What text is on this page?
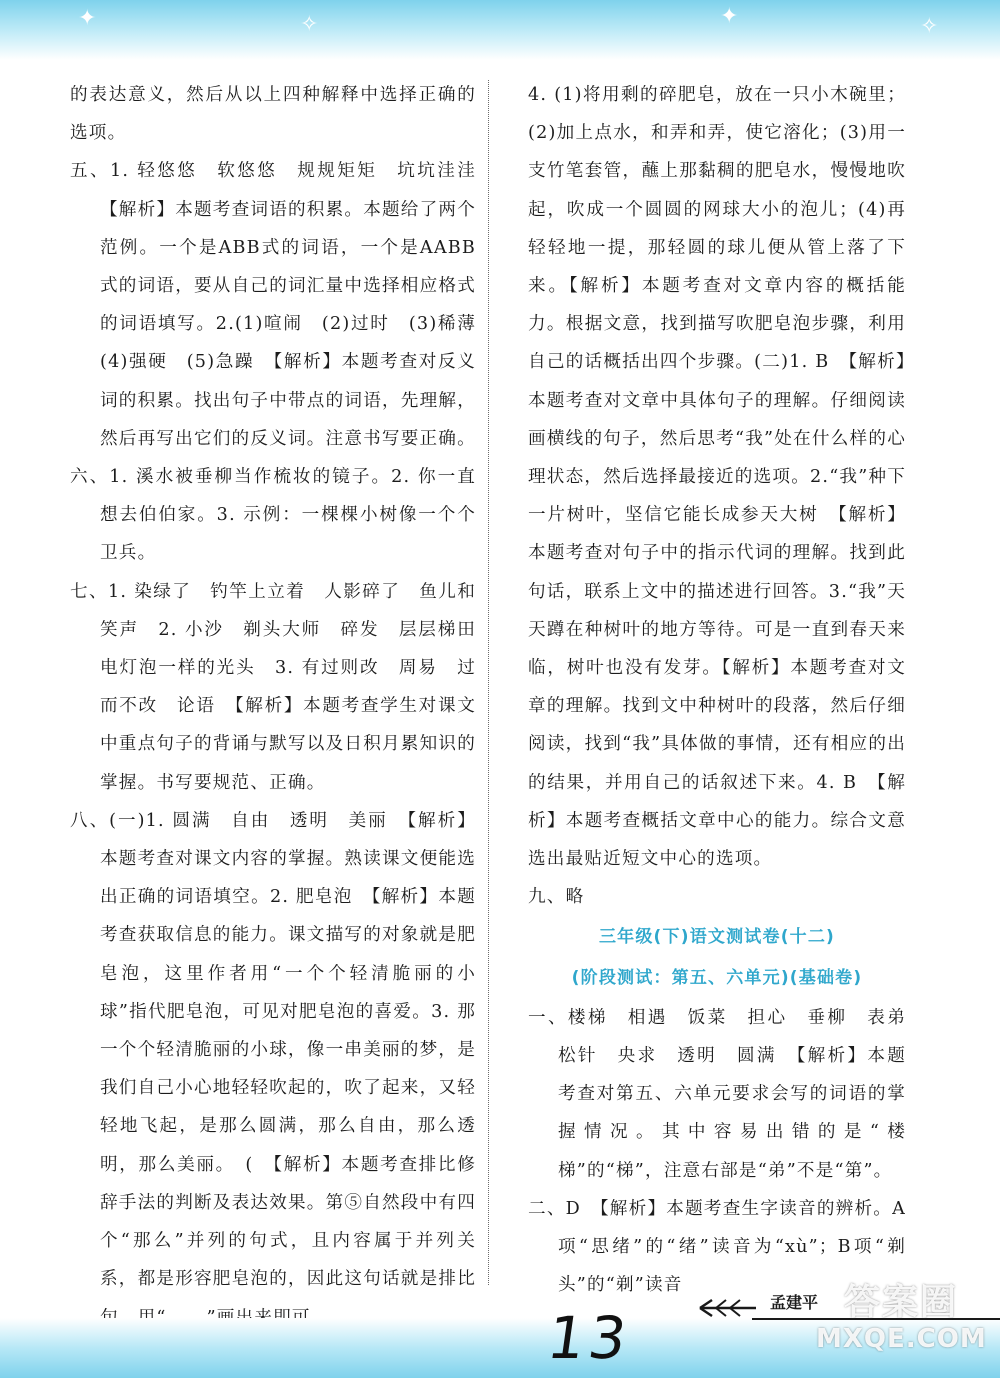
✦	✧	✦	✧

的表达意义，然后从以上四种解释中选择正确的选项。

五、1. 轻悠悠　软悠悠　规规矩矩　坑坑洼洼　【解析】本题考查词语的积累。本题给了两个范例。一个是ABB式的词语，一个是AABB式的词语，要从自己的词汇量中选择相应格式的词语填写。2.(1)喧闹　(2)过时　(3)稀薄　(4)强硬　(5)急躁　【解析】本题考查对反义词的积累。找出句子中带点的词语，先理解，然后再写出它们的反义词。注意书写要正确。

六、1. 溪水被垂柳当作梳妆的镜子。2. 你一直想去伯伯家。3. 示例：一棵棵小树像一个个卫兵。

七、1. 染绿了　钓竿上立着　人影碎了　鱼儿和笑声　2. 小沙　剃头大师　碎发　层层梯田　电灯泡一样的光头　3. 有过则改　周易　过而不改　论语　【解析】本题考查学生对课文中重点句子的背诵与默写以及日积月累知识的掌握。书写要规范、正确。

八、(一)1. 圆满　自由　透明　美丽　【解析】本题考查对课文内容的掌握。熟读课文便能选出正确的词语填空。2. 肥皂泡　【解析】本题考查获取信息的能力。课文描写的对象就是肥皂泡，这里作者用“一个个轻清脆丽的小球”指代肥皂泡，可见对肥皂泡的喜爱。3. 那一个个轻清脆丽的小球，像一串美丽的梦，是我们自己小心地轻轻吹起的，吹了起来，又轻轻地飞起，是那么圆满，那么自由，那么透明，那么美丽。　(　【解析】本题考查排比修辞手法的判断及表达效果。第⑤自然段中有四个“那么”并列的句式，且内容属于并列关系，都是形容肥皂泡的，因此这句话就是排比

4. (1)将用剩的碎肥皂，放在一只小木碗里；(2)加上点水，和弄和弄，使它溶化；(3)用一支竹笔套管，蘸上那黏稠的肥皂水，慢慢地吹起，吹成一个圆圆的网球大小的泡儿；(4)再轻轻地一提，那轻圆的球儿便从管上落了下来。【解析】本题考查对文章内容的概括能力。根据文意，找到描写吹肥皂泡步骤，利用自己的话概括出四个步骤。(二)1. B　【解析】本题考查对文章中具体句子的理解。仔细阅读画横线的句子，然后思考“我”处在什么样的心理状态，然后选择最接近的选项。2.“我”种下一片树叶，坚信它能长成参天大树　【解析】本题考查对句子中的指示代词的理解。找到此句话，联系上文中的描述进行回答。3.“我”天天蹲在种树叶的地方等待。可是一直到春天来临，树叶也没有发芽。【解析】本题考查对文章的理解。找到文中种树叶的段落，然后仔细阅读，找到“我”具体做的事情，还有相应的出的结果，并用自己的话叙述下来。4. B　【解析】本题考查概括文章中心的能力。综合文意选出最贴近短文中心的选项。

九、略

三年级(下)语文测试卷(十二)

(阶段测试：第五、六单元)(基础卷)

一、楼梯　相遇　饭菜　担心　垂柳　表弟　松针　央求　透明　圆满　【解析】本题考查对第五、六单元要求会写的词语的掌握情况。其中容易出错的是“楼梯”的“梯”，注意右部是“弟”不是“第”。

二、D　【解析】本题考查生字读音的辨析。A项“思绪”的“绪”读音为“xù”；B项“剃头”的“剃”读音

13
孟建平 答案圈
MXQE.COM
